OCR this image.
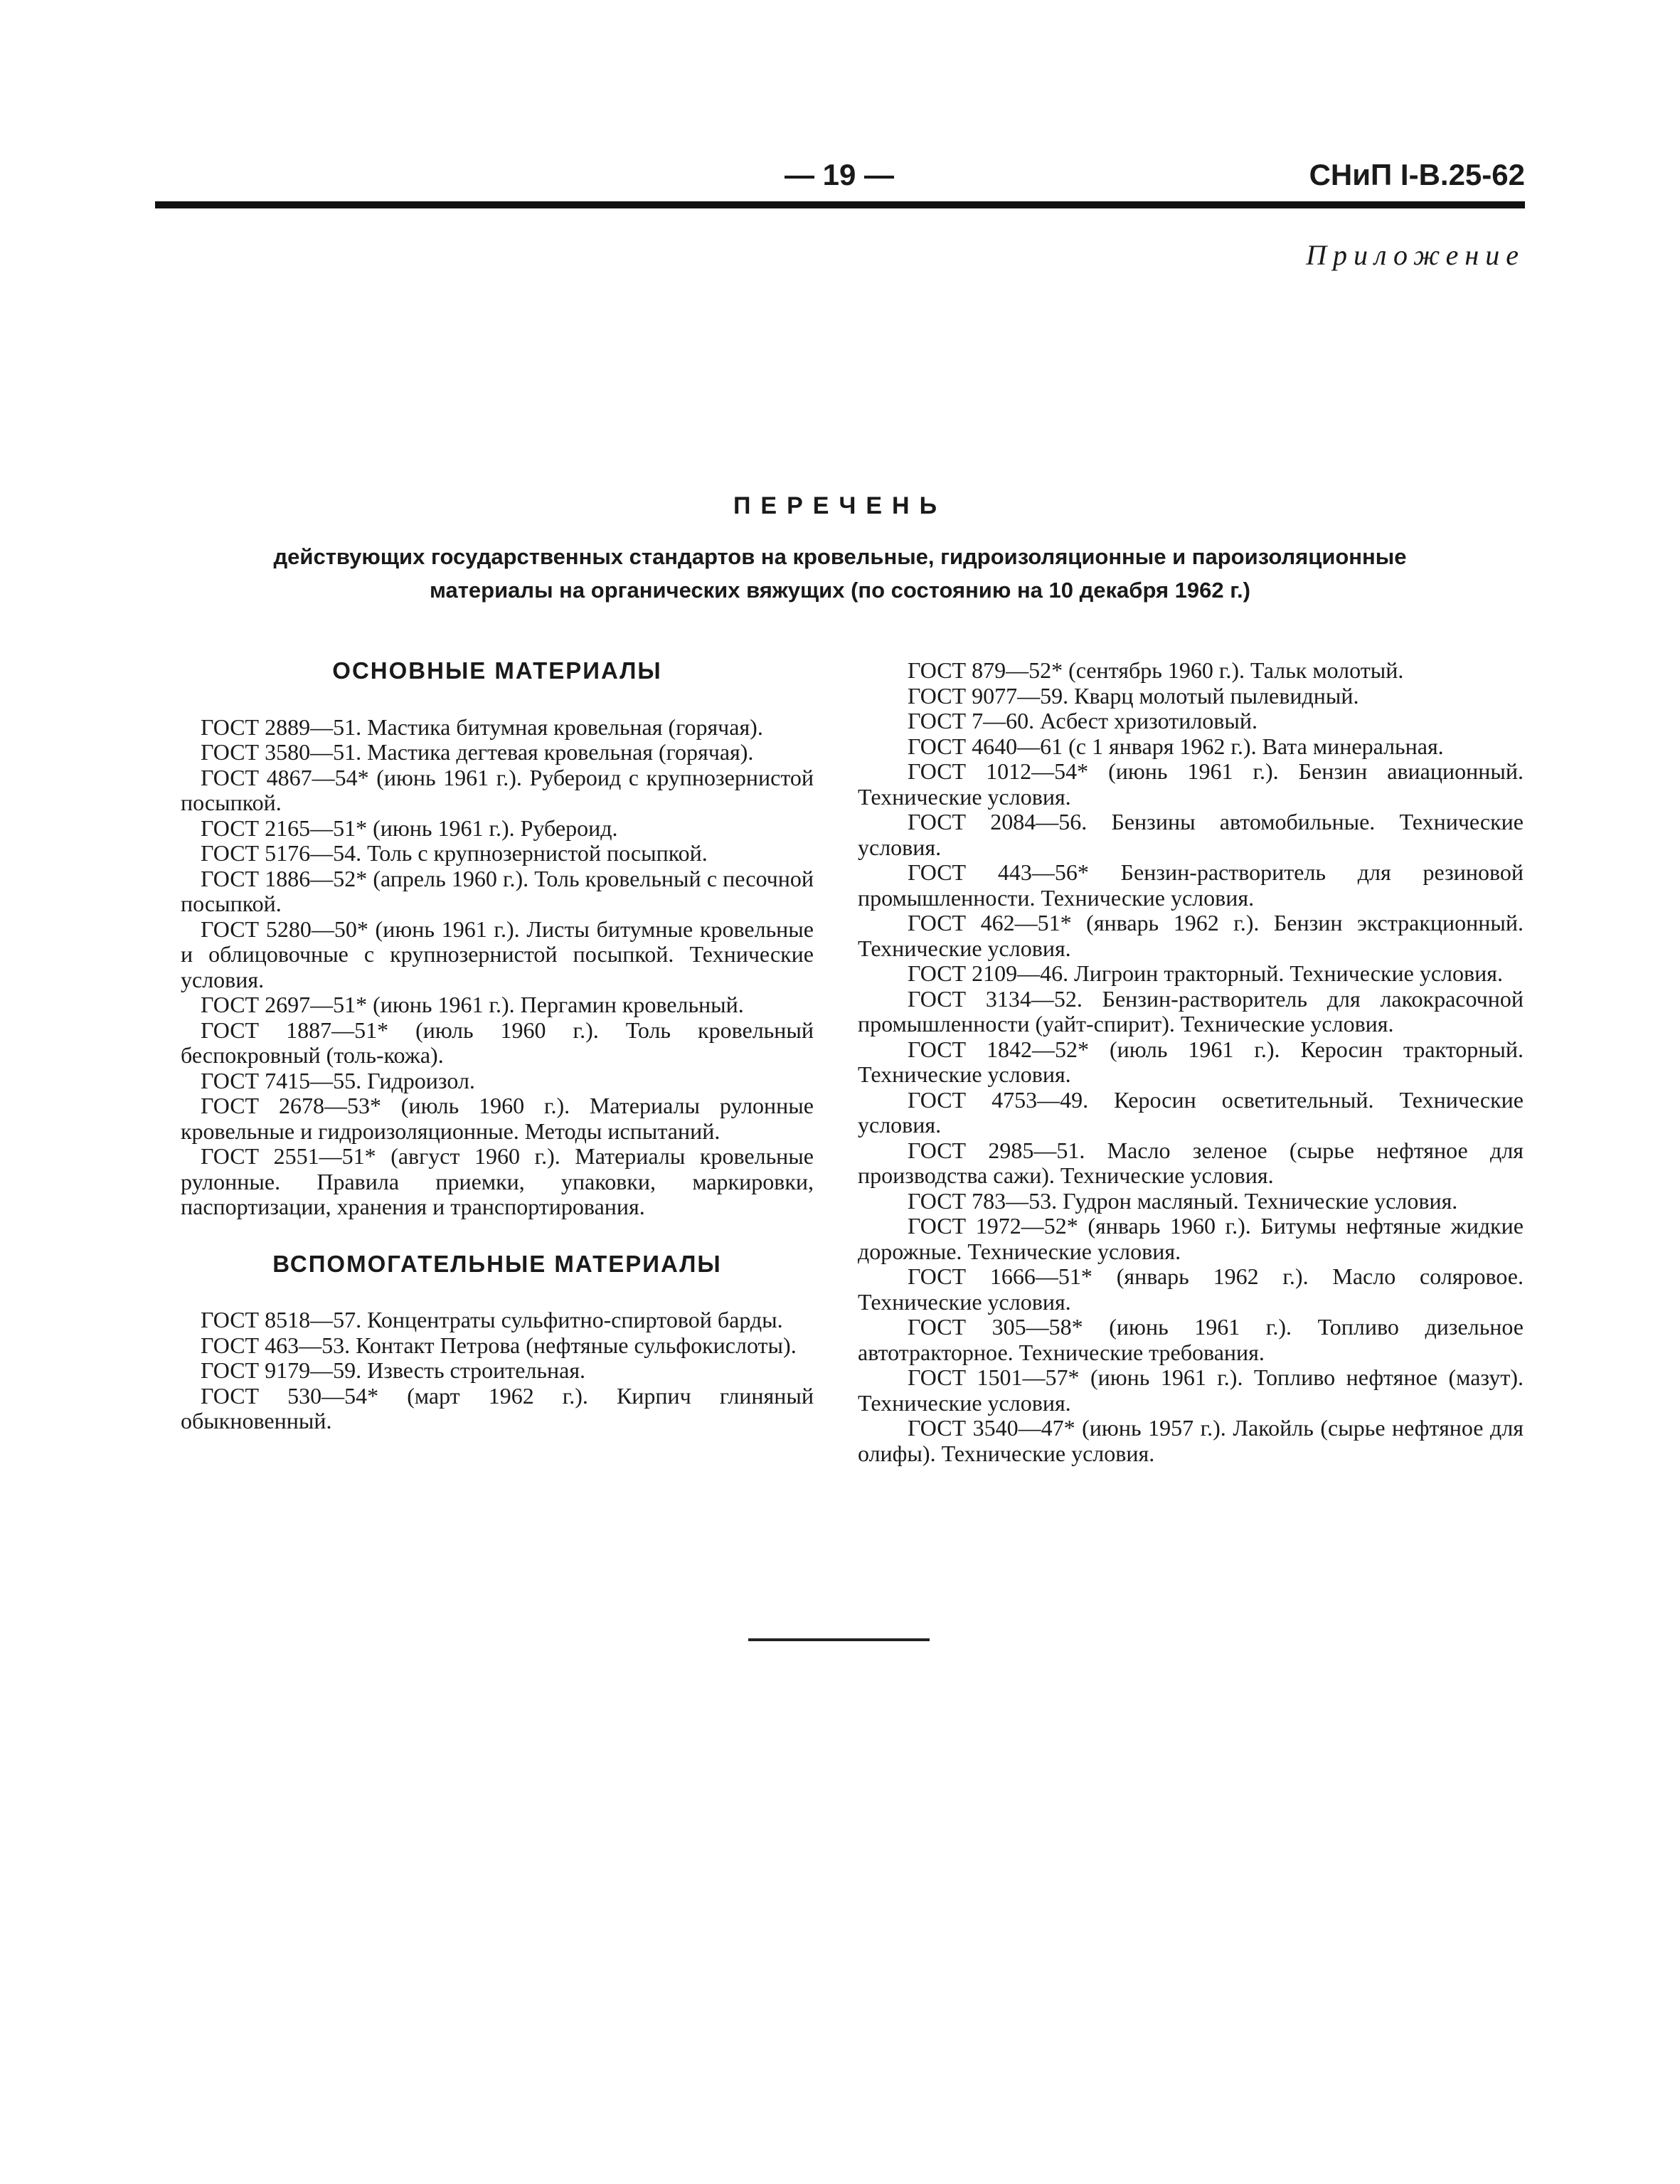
— 19 —	СНиП I-В.25-62
Приложение
ПЕРЕЧЕНЬ
действующих государственных стандартов на кровельные, гидроизоляционные и пароизоляционные
материалы на органических вяжущих (по состоянию на 10 декабря 1962 г.)
ОСНОВНЫЕ МАТЕРИАЛЫ

ГОСТ 2889—51. Мастика битумная кровельная (горячая).

ГОСТ 3580—51. Мастика дегтевая кровельная (горячая).

ГОСТ 4867—54* (июнь 1961 г.). Рубероид с крупнозернистой посыпкой.

ГОСТ 2165—51* (июнь 1961 г.). Рубероид.

ГОСТ 5176—54. Толь с крупнозернистой посыпкой.

ГОСТ 1886—52* (апрель 1960 г.). Толь кровельный с песочной посыпкой.

ГОСТ 5280—50* (июнь 1961 г.). Листы битумные кровельные и облицовочные с крупнозернистой посыпкой. Технические условия.

ГОСТ 2697—51* (июнь 1961 г.). Пергамин кровельный.

ГОСТ 1887—51* (июль 1960 г.). Толь кровельный беспокровный (толь-кожа).

ГОСТ 7415—55. Гидроизол.

ГОСТ 2678—53* (июль 1960 г.). Материалы рулонные кровельные и гидроизоляционные. Методы испытаний.

ГОСТ 2551—51* (август 1960 г.). Материалы кровельные рулонные. Правила приемки, упаковки, маркировки, паспортизации, хранения и транспортирования.

ВСПОМОГАТЕЛЬНЫЕ МАТЕРИАЛЫ

ГОСТ 8518—57. Концентраты сульфитно-спиртовой барды.

ГОСТ 463—53. Контакт Петрова (нефтяные сульфокислоты).

ГОСТ 9179—59. Известь строительная.

ГОСТ 530—54* (март 1962 г.). Кирпич глиняный обыкновенный.

ГОСТ 879—52* (сентябрь 1960 г.). Тальк молотый.

ГОСТ 9077—59. Кварц молотый пылевидный.

ГОСТ 7—60. Асбест хризотиловый.

ГОСТ 4640—61 (с 1 января 1962 г.). Вата минеральная.

ГОСТ 1012—54* (июнь 1961 г.). Бензин авиационный. Технические условия.

ГОСТ 2084—56. Бензины автомобильные. Технические условия.

ГОСТ 443—56* Бензин-растворитель для резиновой промышленности. Технические условия.

ГОСТ 462—51* (январь 1962 г.). Бензин экстракционный. Технические условия.

ГОСТ 2109—46. Лигроин тракторный. Технические условия.

ГОСТ 3134—52. Бензин-растворитель для лакокрасочной промышленности (уайт-спирит). Технические условия.

ГОСТ 1842—52* (июль 1961 г.). Керосин тракторный. Технические условия.

ГОСТ 4753—49. Керосин осветительный. Технические условия.

ГОСТ 2985—51. Масло зеленое (сырье нефтяное для производства сажи). Технические условия.

ГОСТ 783—53. Гудрон масляный. Технические условия.

ГОСТ 1972—52* (январь 1960 г.). Битумы нефтяные жидкие дорожные. Технические условия.

ГОСТ 1666—51* (январь 1962 г.). Масло соляровое. Технические условия.

ГОСТ 305—58* (июнь 1961 г.). Топливо дизельное автотракторное. Технические требования.

ГОСТ 1501—57* (июнь 1961 г.). Топливо нефтяное (мазут). Технические условия.

ГОСТ 3540—47* (июнь 1957 г.). Лакойль (сырье нефтяное для олифы). Технические условия.
